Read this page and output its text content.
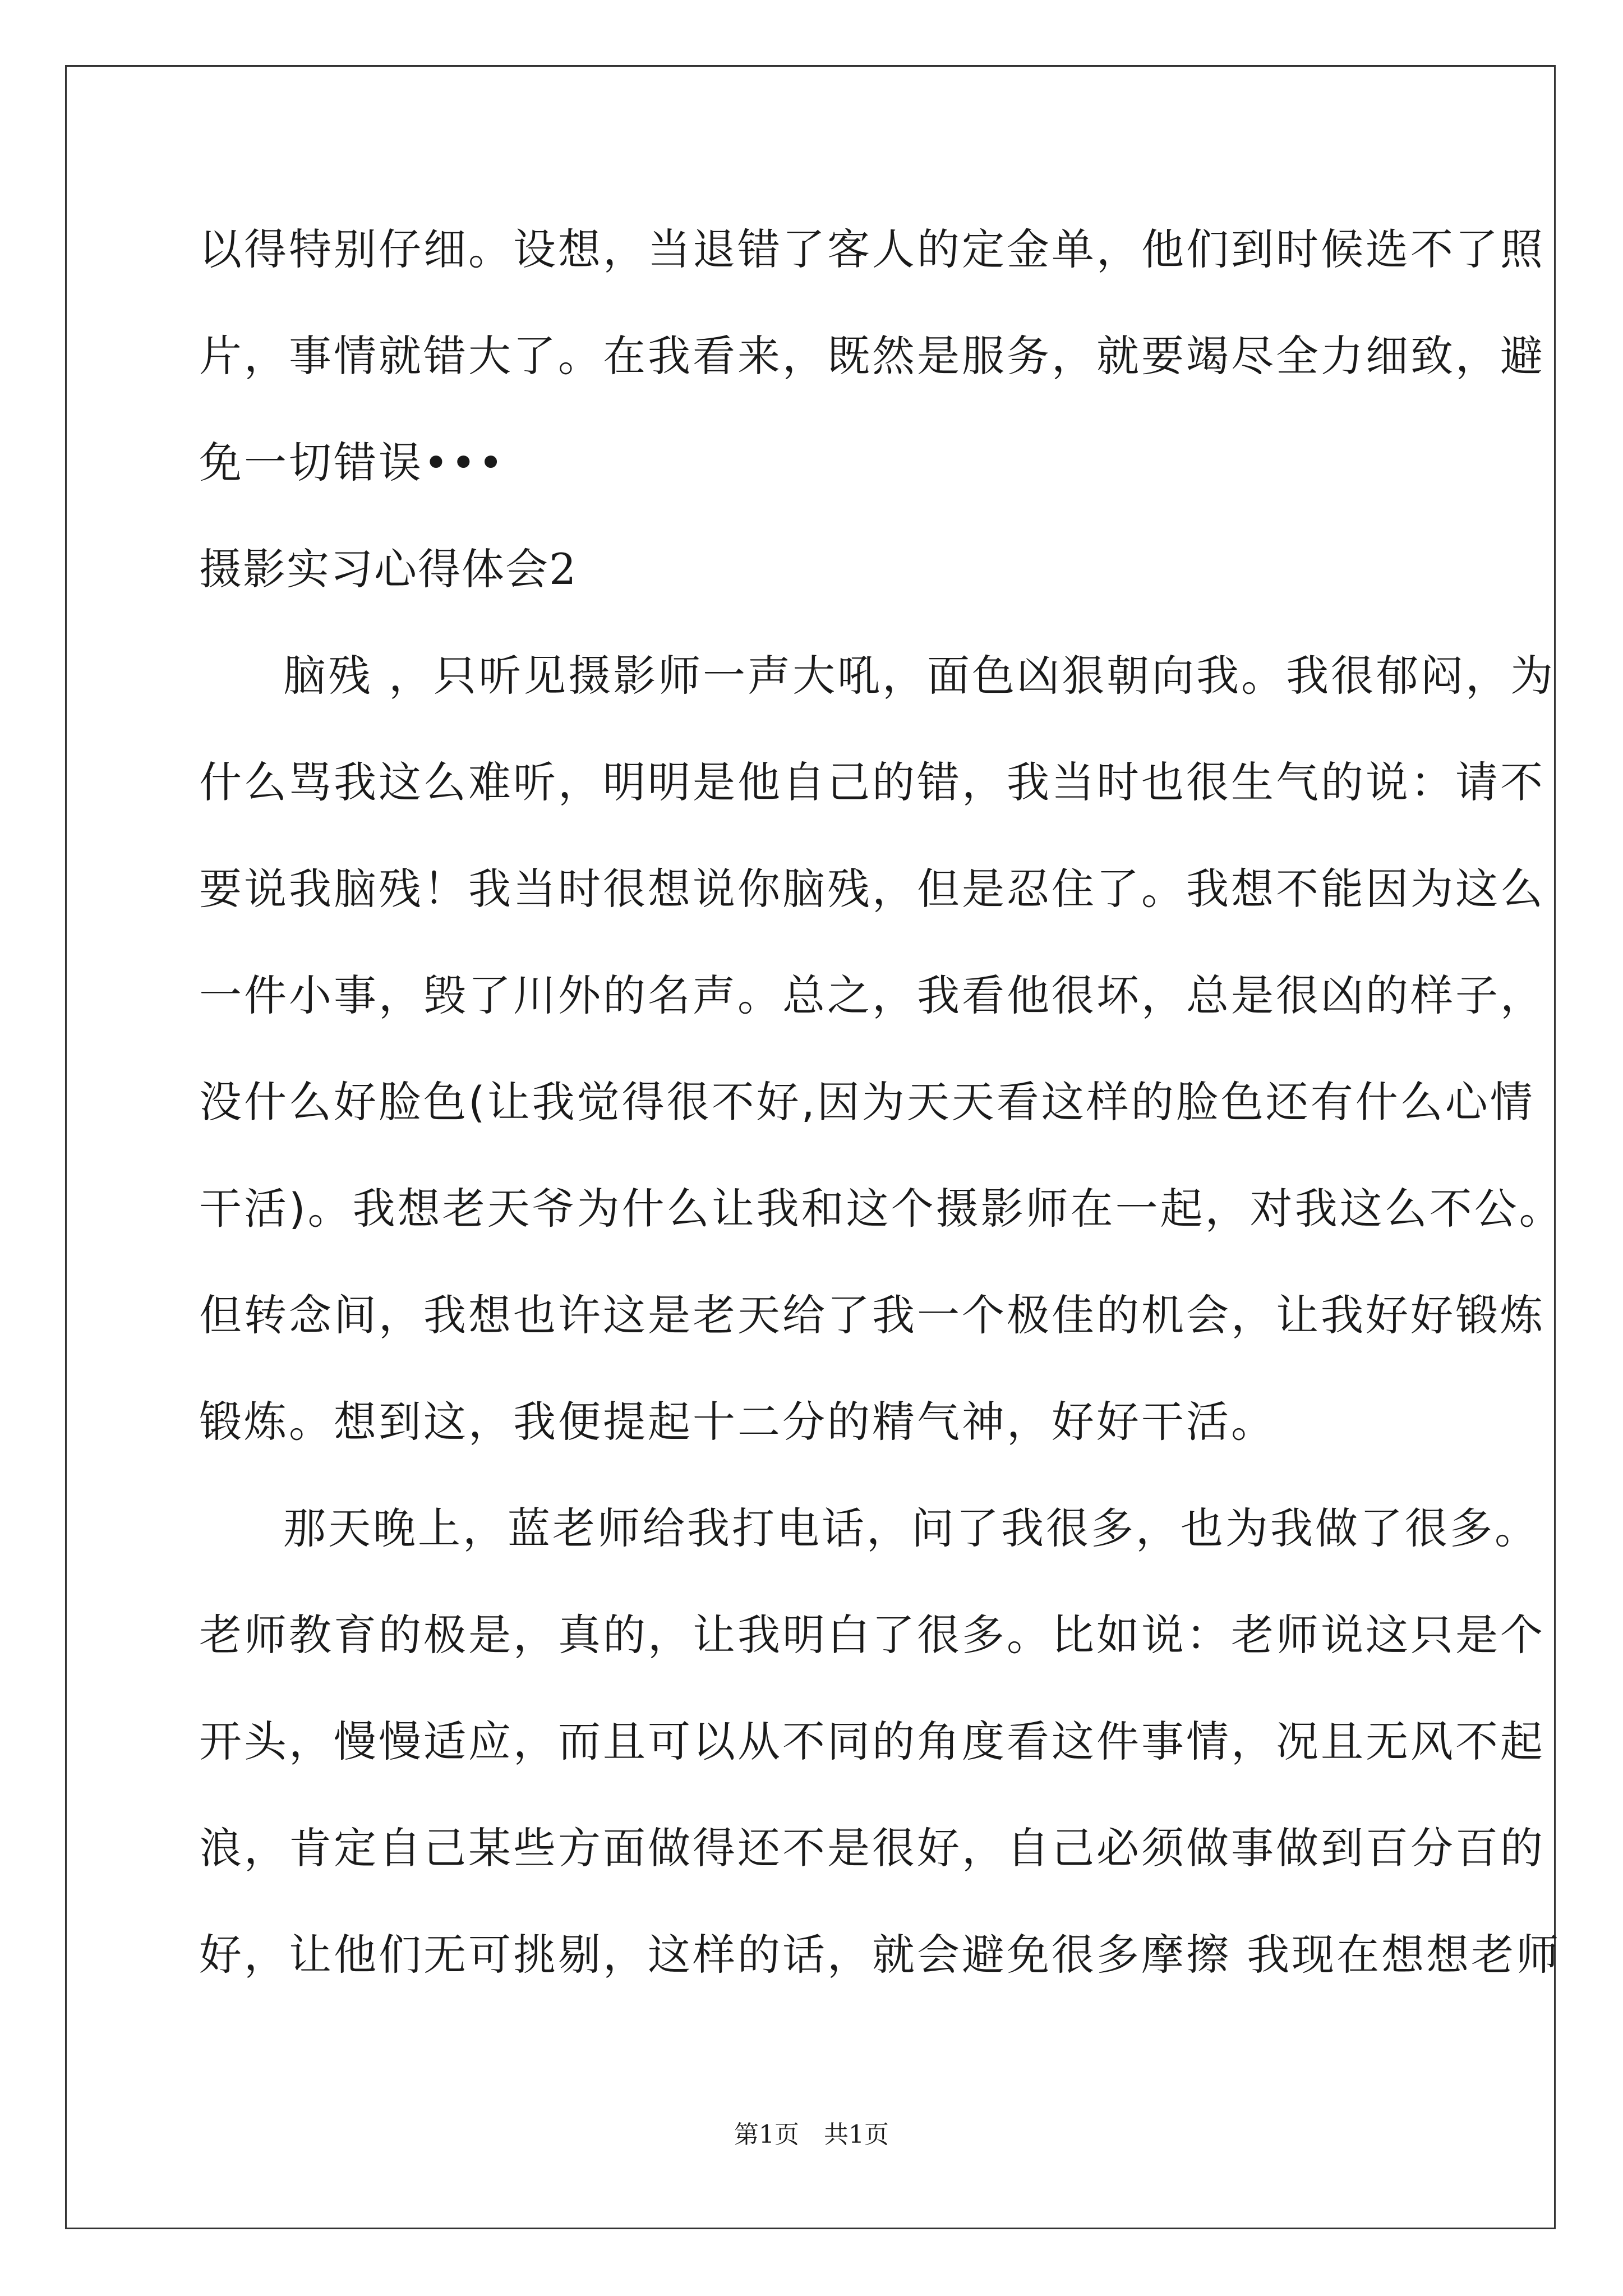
以得特别仔细。设想，当退错了客人的定金单，他们到时候选不了照
片，事情就错大了。在我看来，既然是服务，就要竭尽全力细致，避
免一切错误•••
摄影实习心得体会2
脑残 ，只听见摄影师一声大吼，面色凶狠朝向我。我很郁闷，为
什么骂我这么难听，明明是他自己的错，我当时也很生气的说：请不
要说我脑残！我当时很想说你脑残，但是忍住了。我想不能因为这么
一件小事，毁了川外的名声。总之，我看他很坏，总是很凶的样子，
没什么好脸色(让我觉得很不好,因为天天看这样的脸色还有什么心情
干活)。我想老天爷为什么让我和这个摄影师在一起，对我这么不公。
但转念间，我想也许这是老天给了我一个极佳的机会，让我好好锻炼
锻炼。想到这，我便提起十二分的精气神，好好干活。
那天晚上，蓝老师给我打电话，问了我很多，也为我做了很多。
老师教育的极是，真的，让我明白了很多。比如说：老师说这只是个
开头，慢慢适应，而且可以从不同的角度看这件事情，况且无风不起
浪，肯定自己某些方面做得还不是很好，自己必须做事做到百分百的
好，让他们无可挑剔，这样的话，就会避免很多摩擦 我现在想想老师
第1页　共1页
